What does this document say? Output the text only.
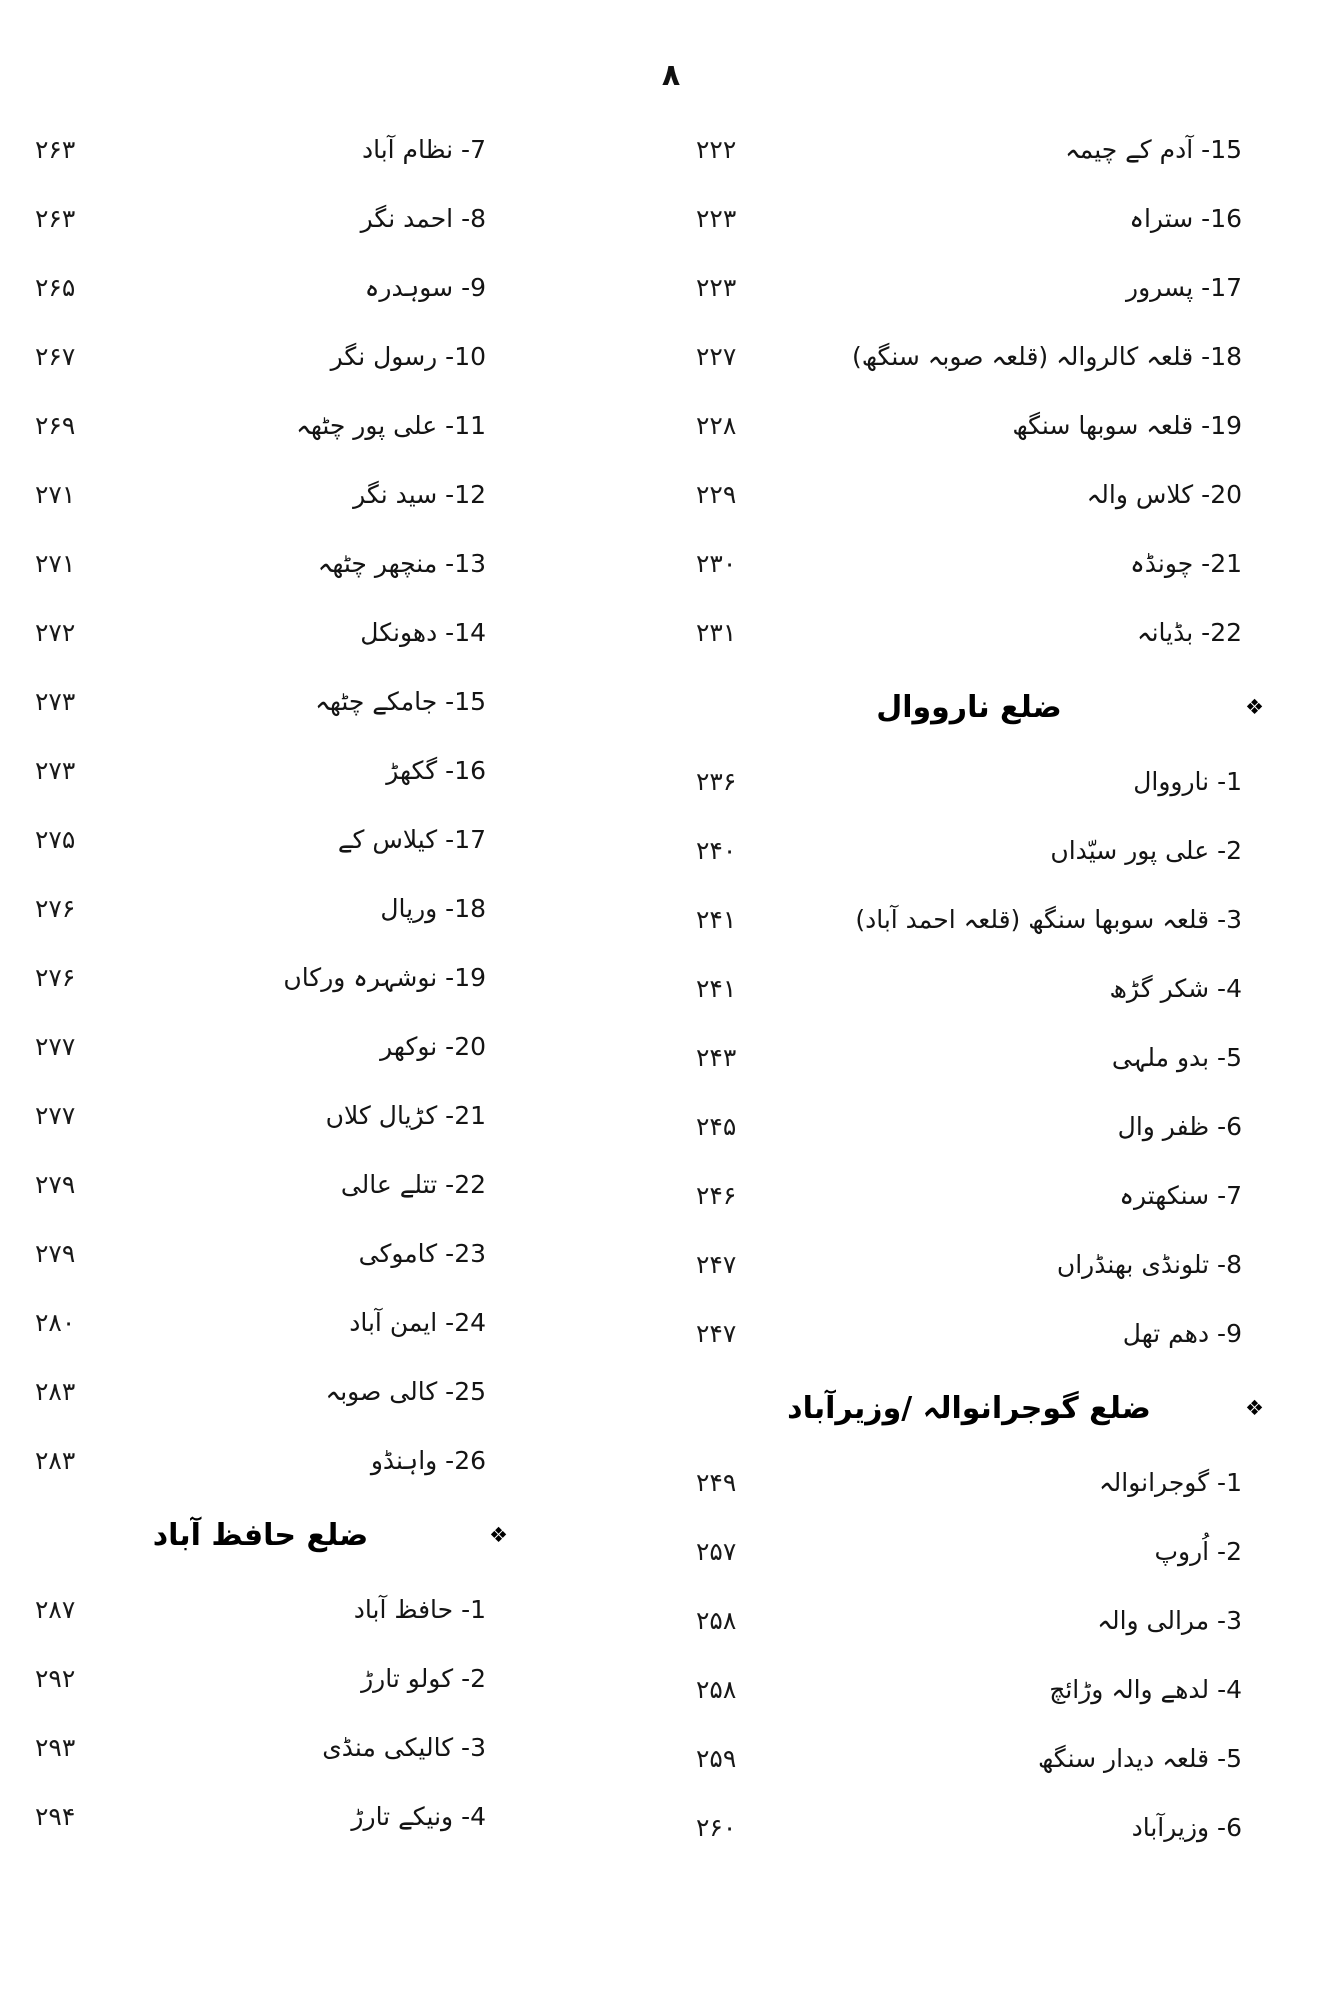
۸
۲۶۳	7- نظام آباد
۲۶۳	8- احمد نگر
۲۶۵	9- سوہدرہ
۲۶۷	10- رسول نگر
۲۶۹	11- علی پور چٹھہ
۲۷۱	12- سید نگر
۲۷۱	13- منچھر چٹھہ
۲۷۲	14- دھونکل
۲۷۳	15- جامکے چٹھہ
۲۷۳	16- گکھڑ
۲۷۵	17- کیلاس کے
۲۷۶	18- ورپال
۲۷۶	19- نوشہرہ ورکاں
۲۷۷	20- نوکھر
۲۷۷	21- کڑیال کلاں
۲۷۹	22- تتلے عالی
۲۷۹	23- کاموکی
۲۸۰	24- ایمن آباد
۲۸۳	25- کالی صوبہ
۲۸۳	26- واہنڈو
ضلع حافظ آباد	❖
۲۸۷	1- حافظ آباد
۲۹۲	2- کولو تارڑ
۲۹۳	3- کالیکی منڈی
۲۹۴	4- ونیکے تارڑ
۲۲۲	15- آدم کے چیمہ
۲۲۳	16- ستراہ
۲۲۳	17- پسرور
۲۲۷	18- قلعہ کالروالہ (قلعہ صوبہ سنگھ)
۲۲۸	19- قلعہ سوبھا سنگھ
۲۲۹	20- کلاس والہ
۲۳۰	21- چونڈہ
۲۳۱	22- بڈیانہ
ضلع نارووال	❖
۲۳۶	1- نارووال
۲۴۰	2- علی پور سیّداں
۲۴۱	3- قلعہ سوبھا سنگھ (قلعہ احمد آباد)
۲۴۱	4- شکر گڑھ
۲۴۳	5- بدو ملہی
۲۴۵	6- ظفر وال
۲۴۶	7- سنکھترہ
۲۴۷	8- تلونڈی بھنڈراں
۲۴۷	9- دھم تھل
ضلع گوجرانوالہ /وزیرآباد	❖
۲۴۹	1- گوجرانوالہ
۲۵۷	2- اُروپ
۲۵۸	3- مرالی والہ
۲۵۸	4- لدھے والہ وڑائچ
۲۵۹	5- قلعہ دیدار سنگھ
۲۶۰	6- وزیرآباد
